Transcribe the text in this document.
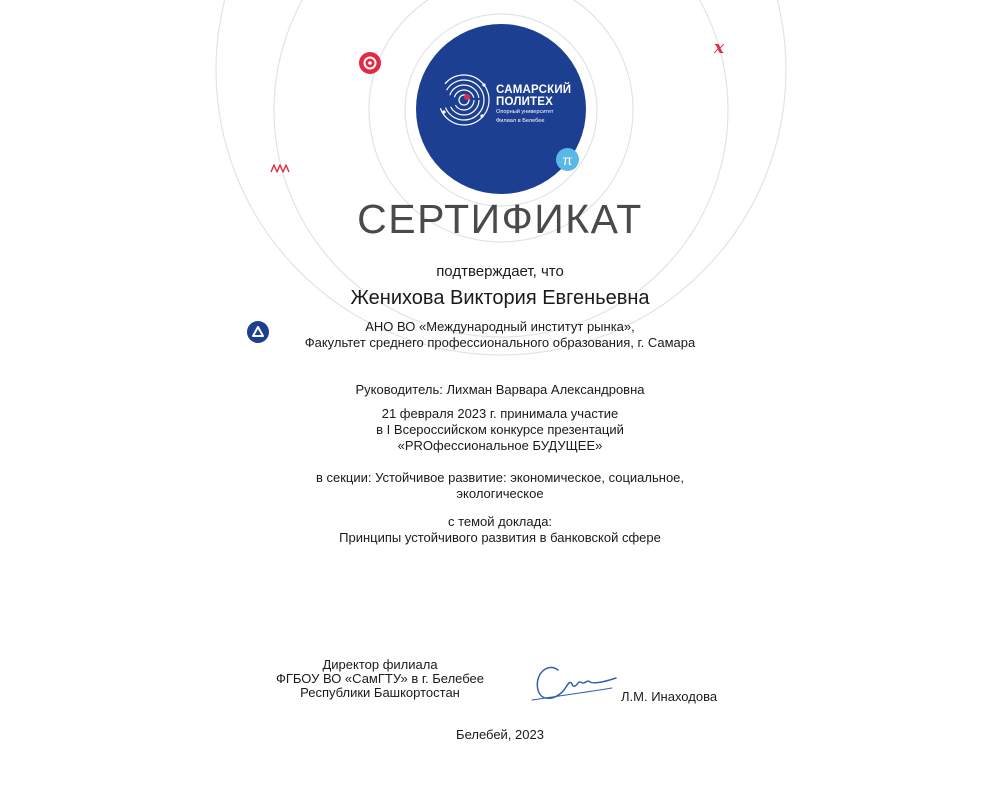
САМАРСКИЙ
ПОЛИТЕХ
Опорный университет
Филиал в Белебее
π
x
СЕРТИФИКАТ
подтверждает, что
Женихова Виктория Евгеньевна
АНО ВО «Международный институт рынка»,
Факультет среднего профессионального образования, г. Самара
Руководитель: Лихман Варвара Александровна
21 февраля 2023 г. принимала участие
в I Всероссийском конкурсе презентаций
«PROфессиональное БУДУЩЕЕ»
в секции: Устойчивое развитие: экономическое, социальное,
экологическое
с темой доклада:
Принципы устойчивого развития в банковской сфере
Директор филиала
ФГБОУ ВО «СамГТУ» в г. Белебее
Республики Башкортостан	Л.М. Инаходова
Белебей, 2023
